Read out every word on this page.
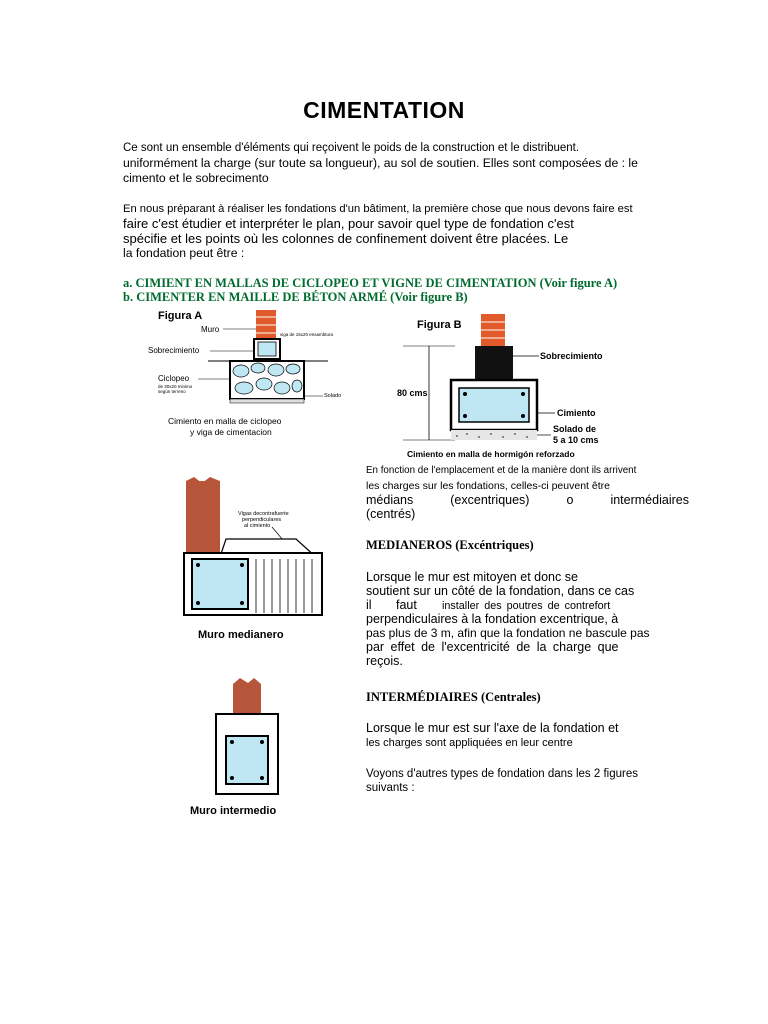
CIMENTATION
Ce sont un ensemble d'éléments qui reçoivent le poids de la construction et le distribuent.
uniformément la charge (sur toute sa longueur), au sol de soutien. Elles sont composées de : le
cimento et le sobrecimento
En nous préparant à réaliser les fondations d'un bâtiment, la première chose que nous devons faire est
faire c'est étudier et interpréter le plan, pour savoir quel type de fondation c'est
spécifie et les points où les colonnes de confinement doivent être placées. Le
la fondation peut être :
a. CIMIENT EN MALLAS DE CICLOPEO ET VIGNE DE CIMENTATION (Voir figure A)
b. CIMENTER EN MAILLE DE BÉTON ARMÉ (Voir figure B)
Figura A
Muro
viga de 15x20 ensambtura
Sobrecimiento
Ciclopeo
de 30x20 minimo
según terreno
Solado
Cimiento en malla de ciclopeo
y viga de cimentacion
Figura B
Sobrecimiento
80 cms
Cimiento
Solado de
5 a 10 cms
Cimiento en malla de hormigón reforzado
En fonction de l'emplacement et de la manière dont ils arrivent
les charges sur les fondations, celles-ci peuvent être
médians	(excentriques)	o	intermédiaires
(centrés)
Vigas decontrafuerte
perpendiculares
al cimiento
Muro medianero
MEDIANEROS (Excéntriques)
Lorsque le mur est mitoyen et donc se
soutient sur un côté de la fondation, dans ce cas
il faut installer des poutres de contrefort
perpendiculaires à la fondation excentrique, à
pas plus de 3 m, afin que la fondation ne bascule pas
par effet de l'excentricité de la charge que
reçois.
Muro intermedio
INTERMÉDIAIRES (Centrales)
Lorsque le mur est sur l'axe de la fondation et
les charges sont appliquées en leur centre
Voyons d'autres types de fondation dans les 2 figures
suivants :
